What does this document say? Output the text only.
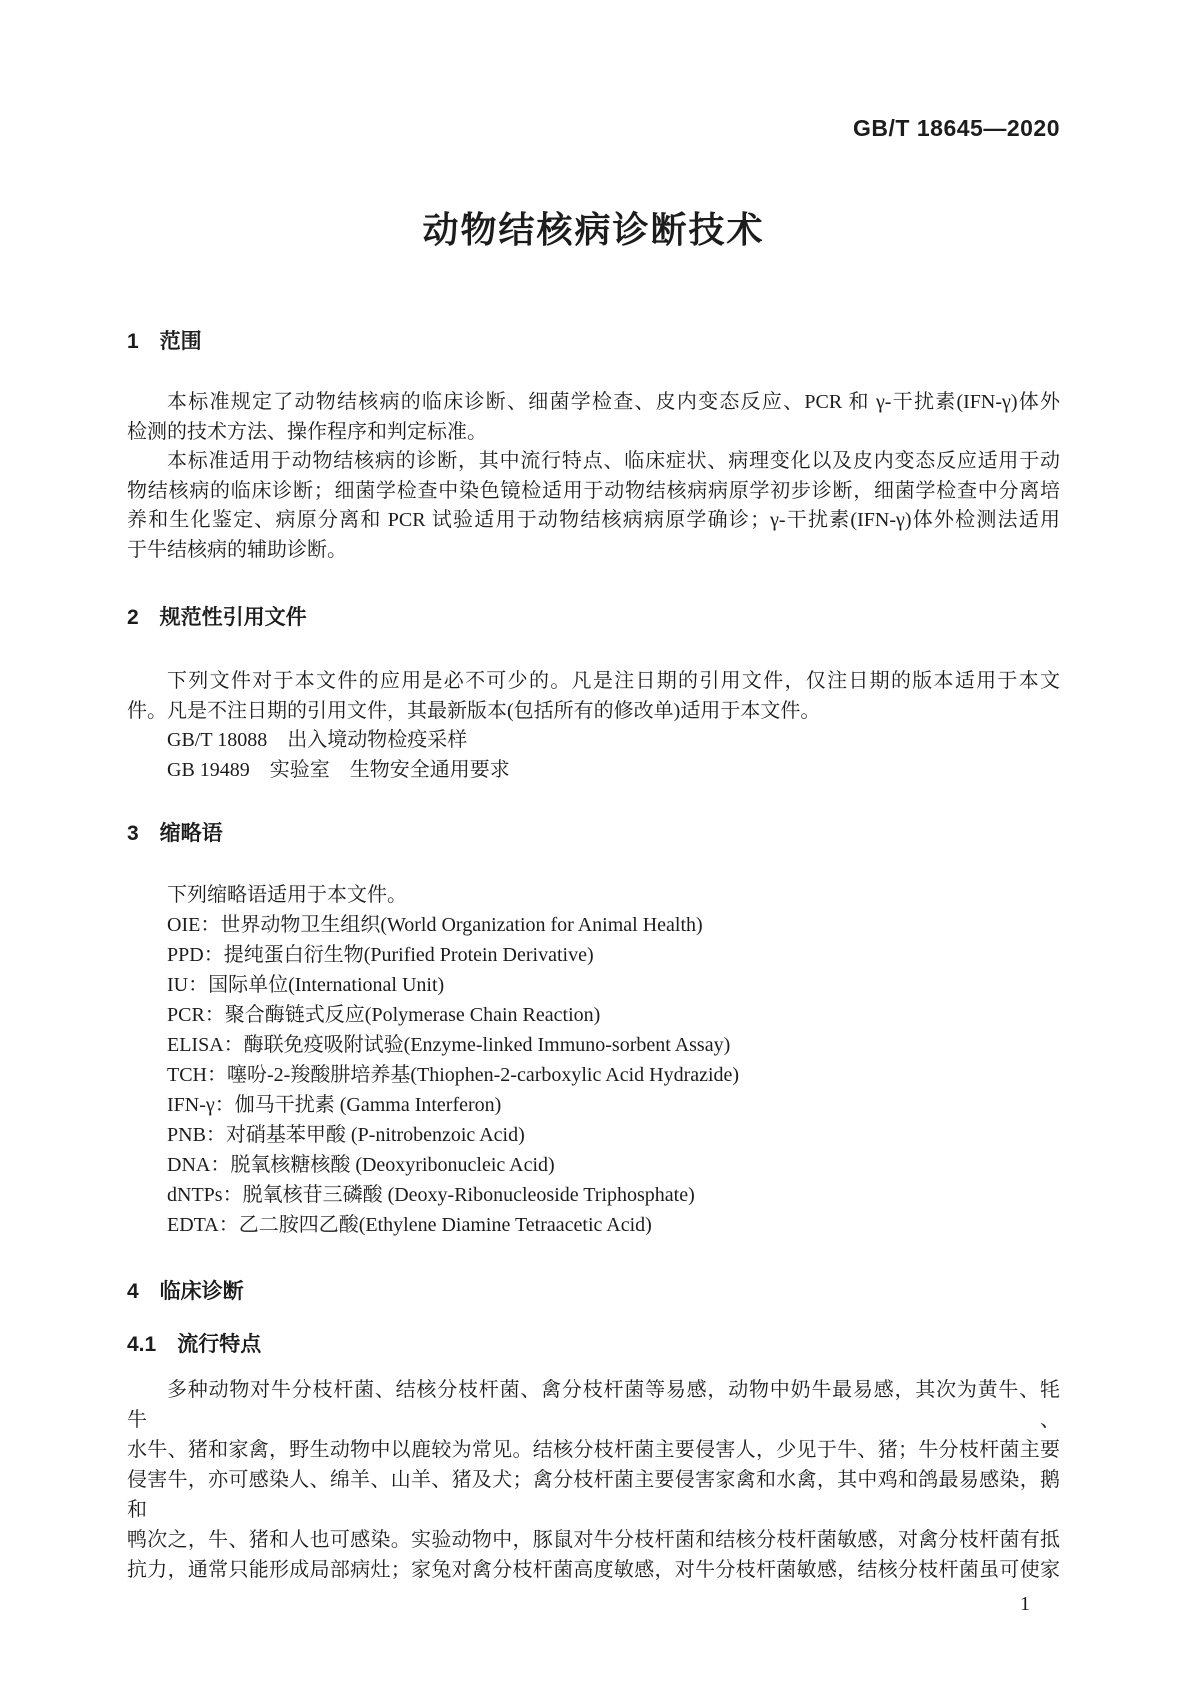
GB/T 18645—2020
动物结核病诊断技术
1　范围
本标准规定了动物结核病的临床诊断、细菌学检查、皮内变态反应、PCR 和 γ-干扰素(IFN-γ)体外
检测的技术方法、操作程序和判定标准。
本标准适用于动物结核病的诊断，其中流行特点、临床症状、病理变化以及皮内变态反应适用于动
物结核病的临床诊断；细菌学检查中染色镜检适用于动物结核病病原学初步诊断，细菌学检查中分离培
养和生化鉴定、病原分离和 PCR 试验适用于动物结核病病原学确诊；γ-干扰素(IFN-γ)体外检测法适用
于牛结核病的辅助诊断。
2　规范性引用文件
下列文件对于本文件的应用是必不可少的。凡是注日期的引用文件，仅注日期的版本适用于本文
件。凡是不注日期的引用文件，其最新版本(包括所有的修改单)适用于本文件。
GB/T 18088　出入境动物检疫采样
GB 19489　实验室　生物安全通用要求
3　缩略语
下列缩略语适用于本文件。
OIE：世界动物卫生组织(World Organization for Animal Health)
PPD：提纯蛋白衍生物(Purified Protein Derivative)
IU：国际单位(International Unit)
PCR：聚合酶链式反应(Polymerase Chain Reaction)
ELISA：酶联免疫吸附试验(Enzyme-linked Immuno-sorbent Assay)
TCH：噻吩-2-羧酸肼培养基(Thiophen-2-carboxylic Acid Hydrazide)
IFN-γ：伽马干扰素 (Gamma Interferon)
PNB：对硝基苯甲酸 (P-nitrobenzoic Acid)
DNA：脱氧核糖核酸 (Deoxyribonucleic Acid)
dNTPs：脱氧核苷三磷酸 (Deoxy-Ribonucleoside Triphosphate)
EDTA：乙二胺四乙酸(Ethylene Diamine Tetraacetic Acid)
4　临床诊断
4.1　流行特点
多种动物对牛分枝杆菌、结核分枝杆菌、禽分枝杆菌等易感，动物中奶牛最易感，其次为黄牛、牦牛、
水牛、猪和家禽，野生动物中以鹿较为常见。结核分枝杆菌主要侵害人，少见于牛、猪；牛分枝杆菌主要
侵害牛，亦可感染人、绵羊、山羊、猪及犬；禽分枝杆菌主要侵害家禽和水禽，其中鸡和鸽最易感染，鹅和
鸭次之，牛、猪和人也可感染。实验动物中，豚鼠对牛分枝杆菌和结核分枝杆菌敏感，对禽分枝杆菌有抵
抗力，通常只能形成局部病灶；家兔对禽分枝杆菌高度敏感，对牛分枝杆菌敏感，结核分枝杆菌虽可使家
1
